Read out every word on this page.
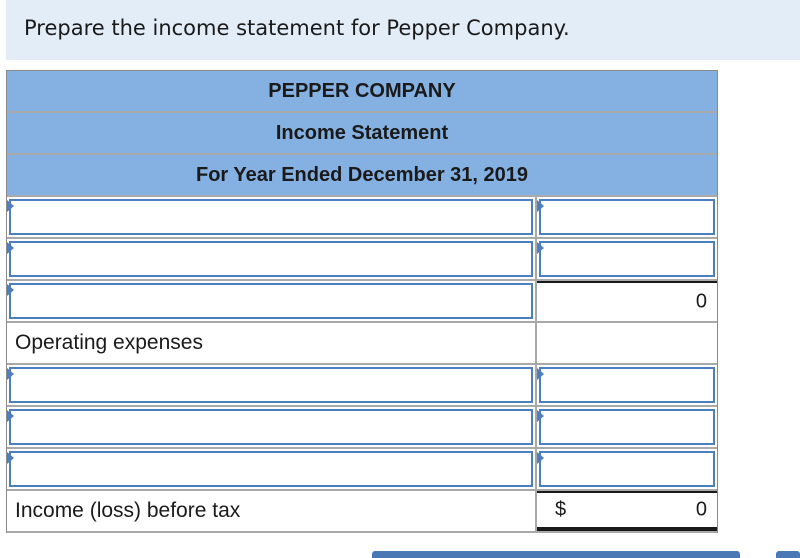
Prepare the income statement for Pepper Company.
PEPPER COMPANY
Income Statement
For Year Ended December 31, 2019
0
Operating expenses
Income (loss) before tax	$	0
